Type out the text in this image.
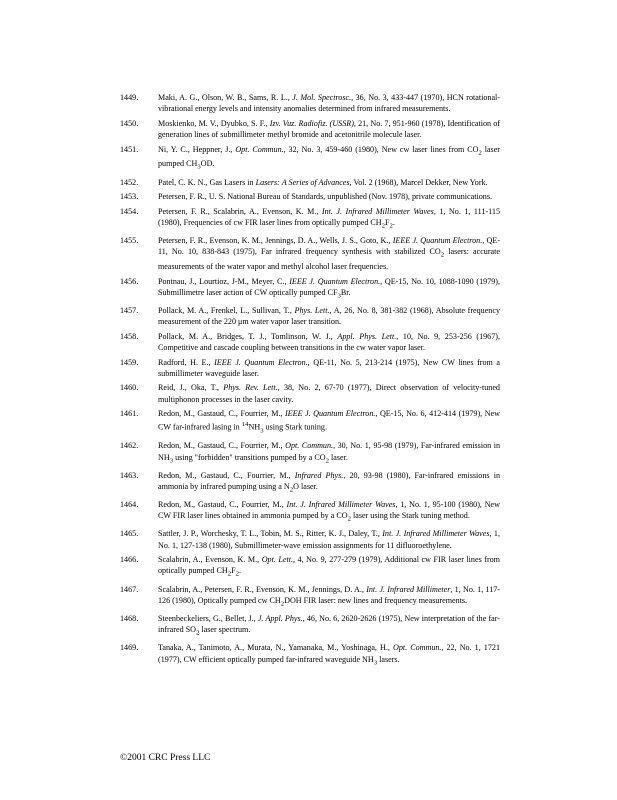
1449.	Maki, A. G., Olson, W. B., Sams, R. L., J. Mol. Spectrosc., 36, No. 3, 433-447 (1970), HCN rotational-vibrational energy levels and intensity anomalies determined from infrared measurements.
1450.	Moskienko, M. V., Dyubko, S. F., Izv. Vuz. Radiofiz. (USSR), 21, No. 7, 951-960 (1978), Identification of generation lines of submillimeter methyl bromide and acetonitrile molecule laser.
1451.	Ni, Y. C., Heppner, J., Opt. Commun., 32, No. 3, 459-460 (1980), New cw laser lines from $CO_2$ laser pumped $CH_3OD$.
1452.	Patel, C. K. N., Gas Lasers in Lasers: A Series of Advances, Vol. 2 (1968), Marcel Dekker, New York.
1453.	Petersen, F. R., U. S. National Bureau of Standards, unpublished (Nov. 1978), private communications.
1454.	Petersen, F. R., Scalabrin, A., Evenson, K. M., Int. J. Infrared Millimeter Waves, 1, No. 1, 111-115 (1980), Frequencies of cw FIR laser lines from optically pumped $CH_2F_2$.
1455.	Petersen, F. R., Evenson, K. M., Jennings, D. A., Wells, J. S., Goto, K., IEEE J. Quantum Electron., QE-11, No. 10, 838-843 (1975), Far infrared frequency synthesis with stabilized $CO_2$ lasers: accurate measurements of the water vapor and methyl alcohol laser frequencies.
1456.	Pontnau, J., Lourtioz, J-M., Meyer, C., IEEE J. Quantum Electron., QE-15, No. 10, 1088-1090 (1979), Submillimetre laser action of CW optically pumped $CF_3Br$.
1457.	Pollack, M. A., Frenkel, L., Sullivan, T., Phys. Lett., A, 26, No. 8, 381-382 (1968), Absolute frequency measurement of the 220 μm water vapor laser transition.
1458.	Pollack, M. A., Bridges, T. J., Tomlinson, W. J., Appl. Phys. Lett., 10, No. 9, 253-256 (1967), Competitive and cascade coupling between transitions in the cw water vapor laser.
1459.	Radford, H. E., IEEE J. Quantum Electron., QE-11, No. 5, 213-214 (1975), New CW lines from a submillimeter waveguide laser.
1460.	Reid, J., Oka, T., Phys. Rev. Lett., 38, No. 2, 67-70 (1977), Direct observation of velocity-tuned multiphonon processes in the laser cavity.
1461.	Redon, M., Gastaud, C., Fourrier, M., IEEE J. Quantum Electron., QE-15, No. 6, 412-414 (1979), New CW far-infrared lasing in $^{14}NH_3$ using Stark tuning.
1462.	Redon, M., Gastaud, C., Fourrier, M., Opt. Commun., 30, No. 1, 95-98 (1979), Far-infrared emission in $NH_3$ using "forbidden" transitions pumped by a $CO_2$ laser.
1463.	Redon, M., Gastaud, C., Fourrier, M., Infrared Phys., 20, 93-98 (1980), Far-infrared emissions in ammonia by infrared pumping using a $N_2O$ laser.
1464.	Redon, M., Gastaud, C., Fourrier, M., Int. J. Infrared Millimeter Waves, 1, No. 1, 95-100 (1980), New CW FIR laser lines obtained in ammonia pumped by a $CO_2$ laser using the Stark tuning method.
1465.	Sattler, J. P., Worchesky, T. L., Tobin, M. S., Ritter, K. J., Daley, T., Int. J. Infrared Millimeter Waves, 1, No. 1, 127-138 (1980), Submillimeter-wave emission assignments for 11 difluoroethylene.
1466.	Scalabrin, A., Evenson, K. M., Opt. Lett., 4, No. 9, 277-279 (1979), Additional cw FIR laser lines from optically pumped $CH_2F_2$.
1467.	Scalabrin, A., Petersen, F. R., Evenson, K. M., Jennings, D. A., Int. J. Infrared Millimeter, 1, No. 1, 117-126 (1980), Optically pumped cw $CH_2DOH$ FIR laser: new lines and frequency measurements.
1468.	Steenbeckeliers, G., Bellet, J., J. Appl. Phys., 46, No. 6, 2620-2626 (1975), New interpretation of the far-infrared $SO_2$ laser spectrum.
1469.	Tanaka, A., Tanimoto, A., Murata, N., Yamanaka, M., Yoshinaga, H., Opt. Commun., 22, No. 1, 1721 (1977), CW efficient optically pumped far-infrared waveguide $NH_3$ lasers.
©2001 CRC Press LLC
